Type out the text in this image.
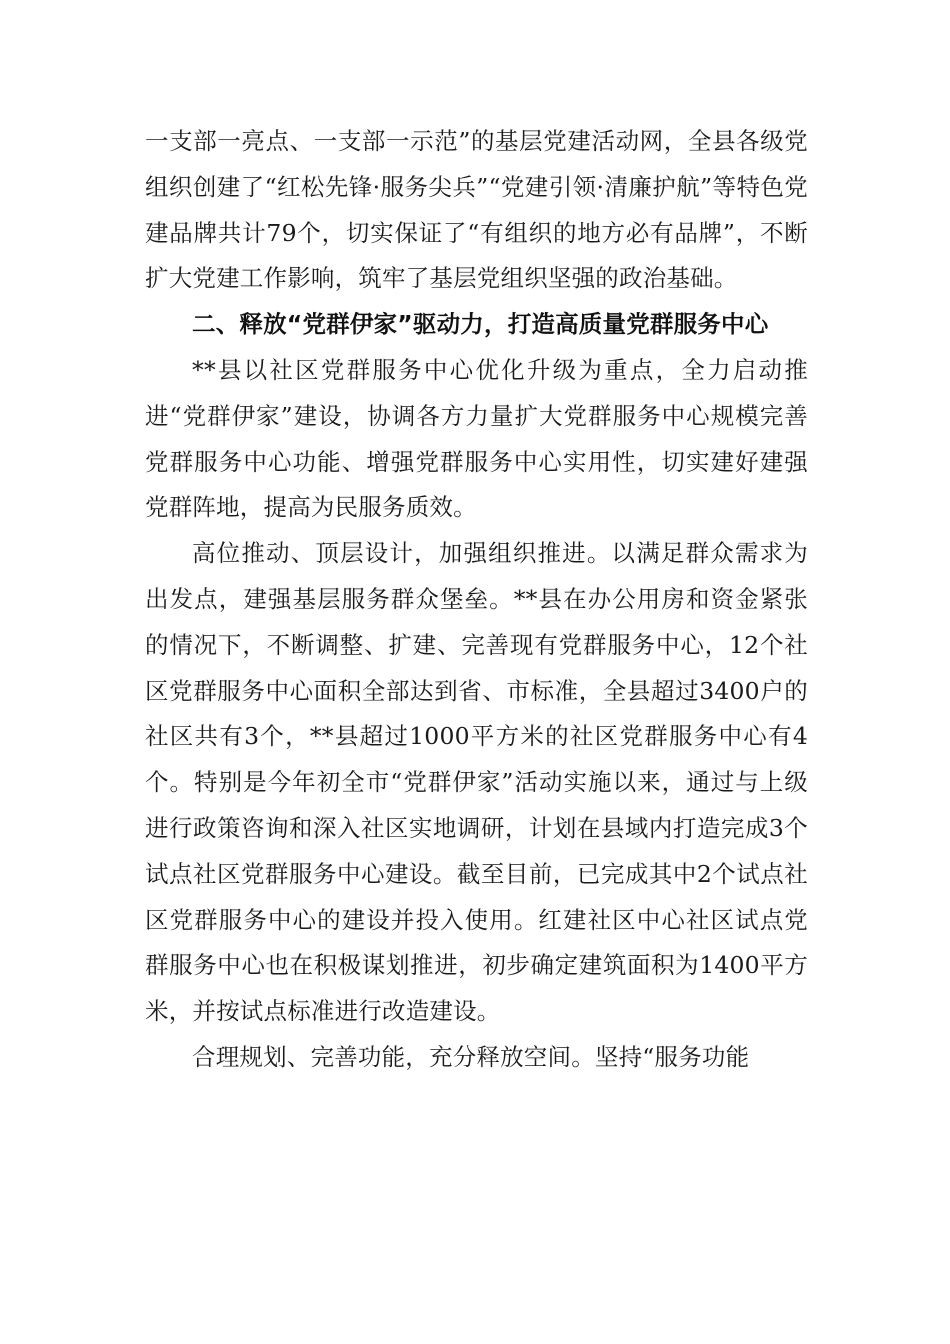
一支部一亮点、一支部一示范”的基层党建活动网，全县各级党组织创建了“红松先锋·服务尖兵”“党建引领·清廉护航”等特色党建品牌共计79个，切实保证了“有组织的地方必有品牌”，不断扩大党建工作影响，筑牢了基层党组织坚强的政治基础。

二、释放“党群伊家”驱动力，打造高质量党群服务中心

**县以社区党群服务中心优化升级为重点，全力启动推进“党群伊家”建设，协调各方力量扩大党群服务中心规模完善党群服务中心功能、增强党群服务中心实用性，切实建好建强党群阵地，提高为民服务质效。

高位推动、顶层设计，加强组织推进。以满足群众需求为出发点，建强基层服务群众堡垒。**县在办公用房和资金紧张的情况下，不断调整、扩建、完善现有党群服务中心，12个社区党群服务中心面积全部达到省、市标准，全县超过3400户的社区共有3个，**县超过1000平方米的社区党群服务中心有4个。特别是今年初全市“党群伊家”活动实施以来，通过与上级进行政策咨询和深入社区实地调研，计划在县域内打造完成3个试点社区党群服务中心建设。截至目前，已完成其中2个试点社区党群服务中心的建设并投入使用。红建社区中心社区试点党群服务中心也在积极谋划推进，初步确定建筑面积为1400平方米，并按试点标准进行改造建设。

合理规划、完善功能，充分释放空间。坚持“服务功能
